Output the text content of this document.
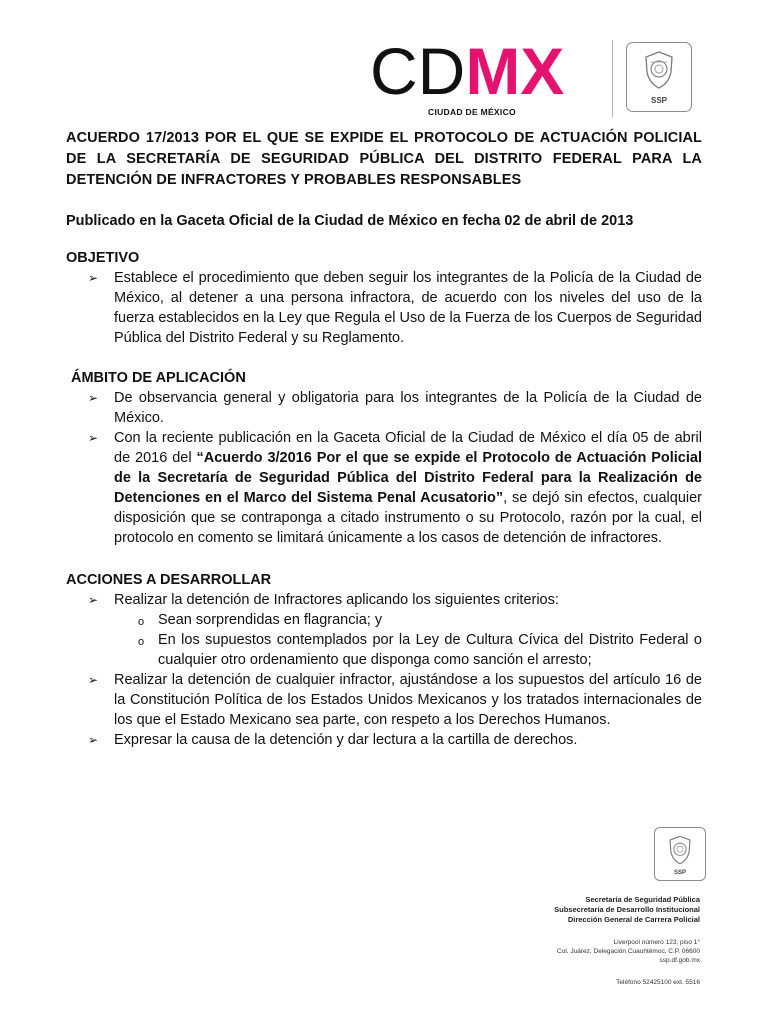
CDMX
CIUDAD DE MÉXICO
SSP

ACUERDO 17/2013 POR EL QUE SE EXPIDE EL PROTOCOLO DE ACTUACIÓN POLICIAL DE LA SECRETARÍA DE SEGURIDAD PÚBLICA DEL DISTRITO FEDERAL PARA LA DETENCIÓN DE INFRACTORES Y PROBABLES RESPONSABLES

Publicado en la Gaceta Oficial de la Ciudad de México en fecha 02 de abril de 2013

OBJETIVO
➢ Establece el procedimiento que deben seguir los integrantes de la Policía de la Ciudad de México, al detener a una persona infractora, de acuerdo con los niveles del uso de la fuerza establecidos en la Ley que Regula el Uso de la Fuerza de los Cuerpos de Seguridad Pública del Distrito Federal y su Reglamento.
ÁMBITO DE APLICACIÓN
➢ De observancia general y obligatoria para los integrantes de la Policía de la Ciudad de México.
➢ Con la reciente publicación en la Gaceta Oficial de la Ciudad de México el día 05 de abril de 2016 del “Acuerdo 3/2016 Por el que se expide el Protocolo de Actuación Policial de la Secretaría de Seguridad Pública del Distrito Federal para la Realización de Detenciones en el Marco del Sistema Penal Acusatorio”, se dejó sin efectos, cualquier disposición que se contraponga a citado instrumento o su Protocolo, razón por la cual, el protocolo en comento se limitará únicamente a los casos de detención de infractores.
ACCIONES A DESARROLLAR
➢ Realizar la detención de Infractores aplicando los siguientes criterios:
o Sean sorprendidas en flagrancia; y
o En los supuestos contemplados por la Ley de Cultura Cívica del Distrito Federal o cualquier otro ordenamiento que disponga como sanción el arresto;
➢ Realizar la detención de cualquier infractor, ajustándose a los supuestos del artículo 16 de la Constitución Política de los Estados Unidos Mexicanos y los tratados internacionales de los que el Estado Mexicano sea parte, con respeto a los Derechos Humanos.
➢ Expresar la causa de la detención y dar lectura a la cartilla de derechos.
SSP
Secretaría de Seguridad Pública
Subsecretaría de Desarrollo Institucional
Dirección General de Carrera Policial
Liverpool número 123, piso 1°
Col. Juárez, Delegación Cuauhtémoc, C.P. 06600
ssp.df.gob.mx
Teléfono 52425100 ext. 5516
